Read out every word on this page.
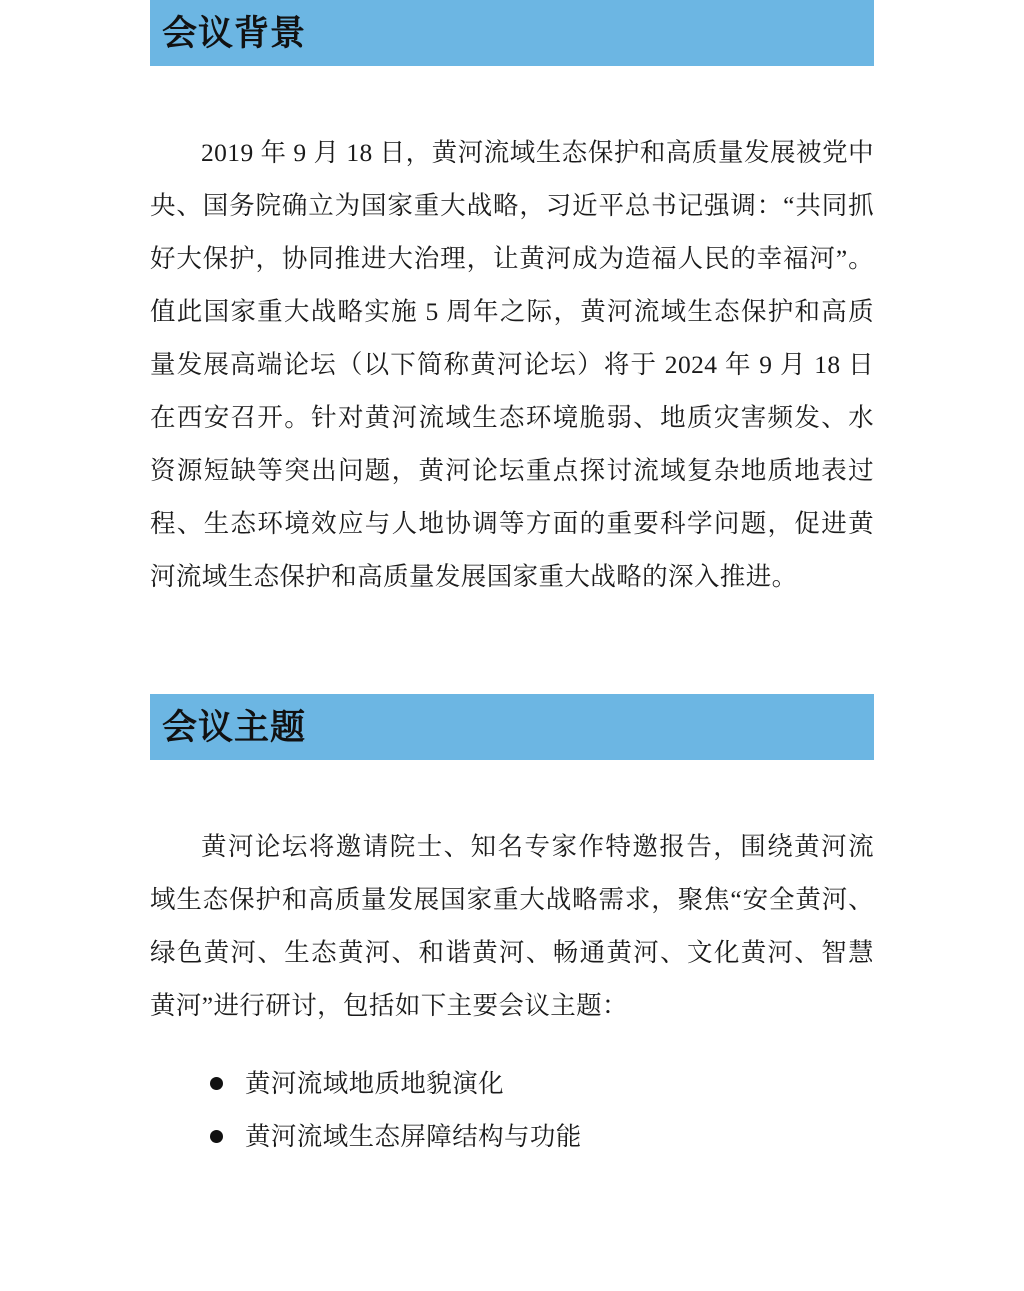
会议背景

2019 年 9 月 18 日，黄河流域生态保护和高质量发展被党中央、国务院确立为国家重大战略，习近平总书记强调：“共同抓好大保护，协同推进大治理，让黄河成为造福人民的幸福河”。值此国家重大战略实施 5 周年之际，黄河流域生态保护和高质量发展高端论坛（以下简称黄河论坛）将于 2024 年 9 月 18 日在西安召开。针对黄河流域生态环境脆弱、地质灾害频发、水资源短缺等突出问题，黄河论坛重点探讨流域复杂地质地表过程、生态环境效应与人地协调等方面的重要科学问题，促进黄河流域生态保护和高质量发展国家重大战略的深入推进。

会议主题

黄河论坛将邀请院士、知名专家作特邀报告，围绕黄河流域生态保护和高质量发展国家重大战略需求，聚焦“安全黄河、绿色黄河、生态黄河、和谐黄河、畅通黄河、文化黄河、智慧黄河”进行研讨，包括如下主要会议主题：

黄河流域地质地貌演化
黄河流域生态屏障结构与功能
